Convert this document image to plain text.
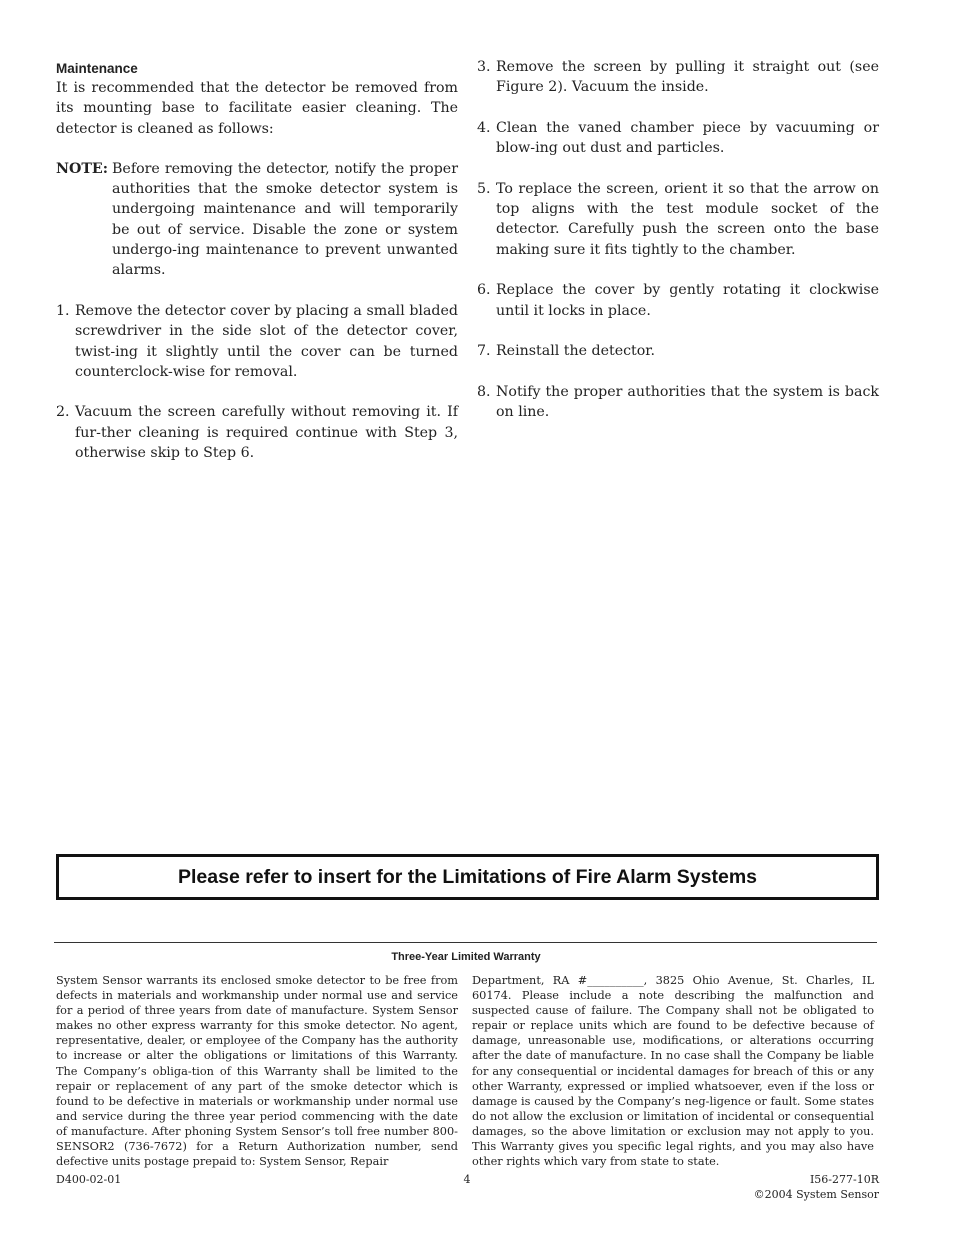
Maintenance

It is recommended that the detector be removed from its mounting base to facilitate easier cleaning. The detector is cleaned as follows:

NOTE: Before removing the detector, notify the proper authorities that the smoke detector system is undergoing maintenance and will temporarily be out of service. Disable the zone or system undergo-ing maintenance to prevent unwanted alarms.
1. Remove the detector cover by placing a small bladed screwdriver in the side slot of the detector cover, twist-ing it slightly until the cover can be turned counterclock-wise for removal.
2. Vacuum the screen carefully without removing it. If fur-ther cleaning is required continue with Step 3, otherwise skip to Step 6.
3. Remove the screen by pulling it straight out (see Figure 2). Vacuum the inside.
4. Clean the vaned chamber piece by vacuuming or blow-ing out dust and particles.
5. To replace the screen, orient it so that the arrow on top aligns with the test module socket of the detector. Carefully push the screen onto the base making sure it fits tightly to the chamber.
6. Replace the cover by gently rotating it clockwise until it locks in place.
7. Reinstall the detector.
8. Notify the proper authorities that the system is back on line.
Please refer to insert for the Limitations of Fire Alarm Systems
Three-Year Limited Warranty
System Sensor warrants its enclosed smoke detector to be free from defects in materials and workmanship under normal use and service for a period of three years from date of manufacture. System Sensor makes no other express warranty for this smoke detector. No agent, representative, dealer, or employee of the Company has the authority to increase or alter the obligations or limitations of this Warranty. The Company’s obliga-tion of this Warranty shall be limited to the repair or replacement of any part of the smoke detector which is found to be defective in materials or workmanship under normal use and service during the three year period commencing with the date of manufacture. After phoning System Sensor’s toll free number 800-SENSOR2 (736-7672) for a Return Authorization number, send defective units postage prepaid to: System Sensor, Repair
Department, RA #__________, 3825 Ohio Avenue, St. Charles, IL 60174. Please include a note describing the malfunction and suspected cause of failure. The Company shall not be obligated to repair or replace units which are found to be defective because of damage, unreasonable use, modifications, or alterations occurring after the date of manufacture. In no case shall the Company be liable for any consequential or incidental damages for breach of this or any other Warranty, expressed or implied whatsoever, even if the loss or damage is caused by the Company’s neg-ligence or fault. Some states do not allow the exclusion or limitation of incidental or consequential damages, so the above limitation or exclusion may not apply to you. This Warranty gives you specific legal rights, and you may also have other rights which vary from state to state.
D400-02-01	4	I56-277-10R
©2004 System Sensor
